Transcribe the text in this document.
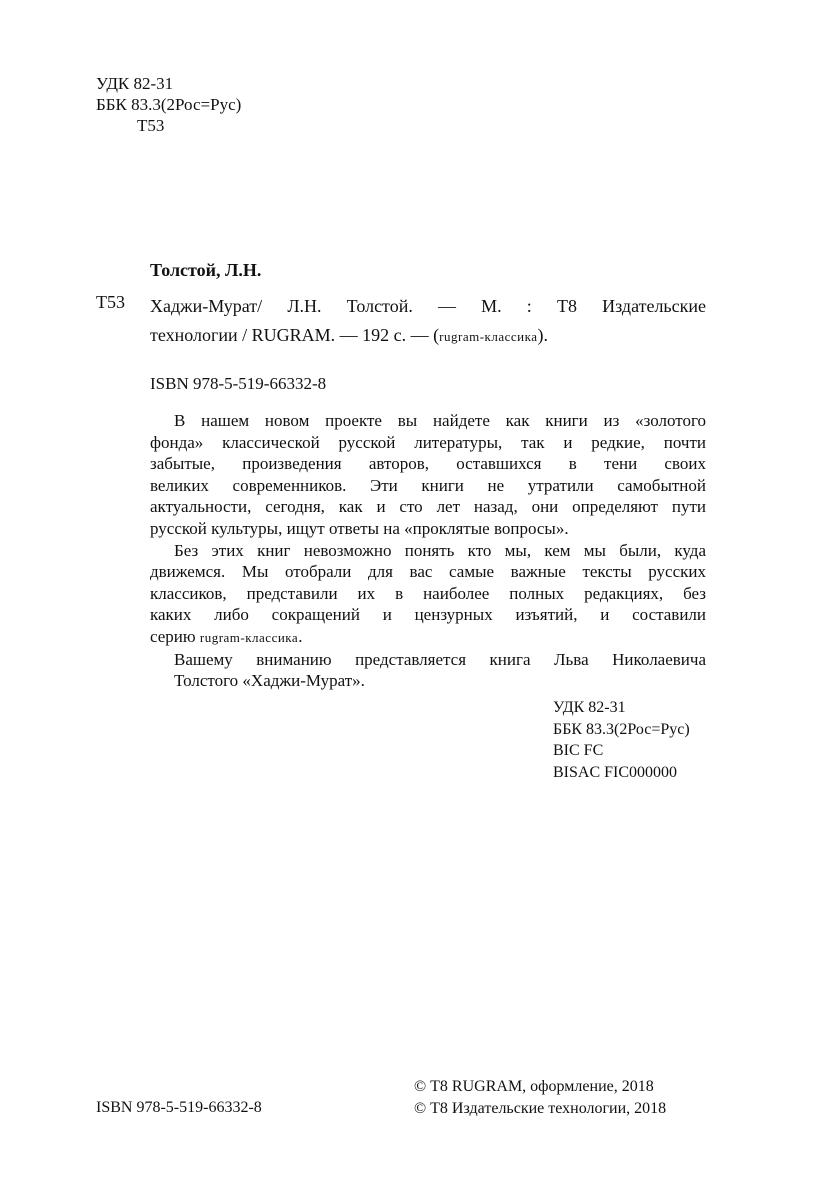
УДК 82-31
ББК 83.3(2Рос=Рус)
Т53
Толстой, Л.Н.
Т53 Хаджи-Мурат/ Л.Н. Толстой. — М. : Т8 Издательские
технологии / RUGRAM. — 192 с. — (rugram-классика).
ISBN 978-5-519-66332-8
В нашем новом проекте вы найдете как книги из «золотого
фонда» классической русской литературы, так и редкие, почти
забытые, произведения авторов, оставшихся в тени своих
великих современников. Эти книги не утратили самобытной
актуальности, сегодня, как и сто лет назад, они определяют пути
русской культуры, ищут ответы на «проклятые вопросы».
Без этих книг невозможно понять кто мы, кем мы были, куда
движемся. Мы отобрали для вас самые важные тексты русских
классиков, представили их в наиболее полных редакциях, без
каких либо сокращений и цензурных изъятий, и составили
серию rugram-классика.
Вашему вниманию представляется книга Льва Николаевича
Толстого «Хаджи-Мурат».
УДК 82-31
ББК 83.3(2Рос=Рус)
BIC FC
BISAC FIC000000
ISBN 978-5-519-66332-8
© Т8 RUGRAM, оформление, 2018
© Т8 Издательские технологии, 2018
